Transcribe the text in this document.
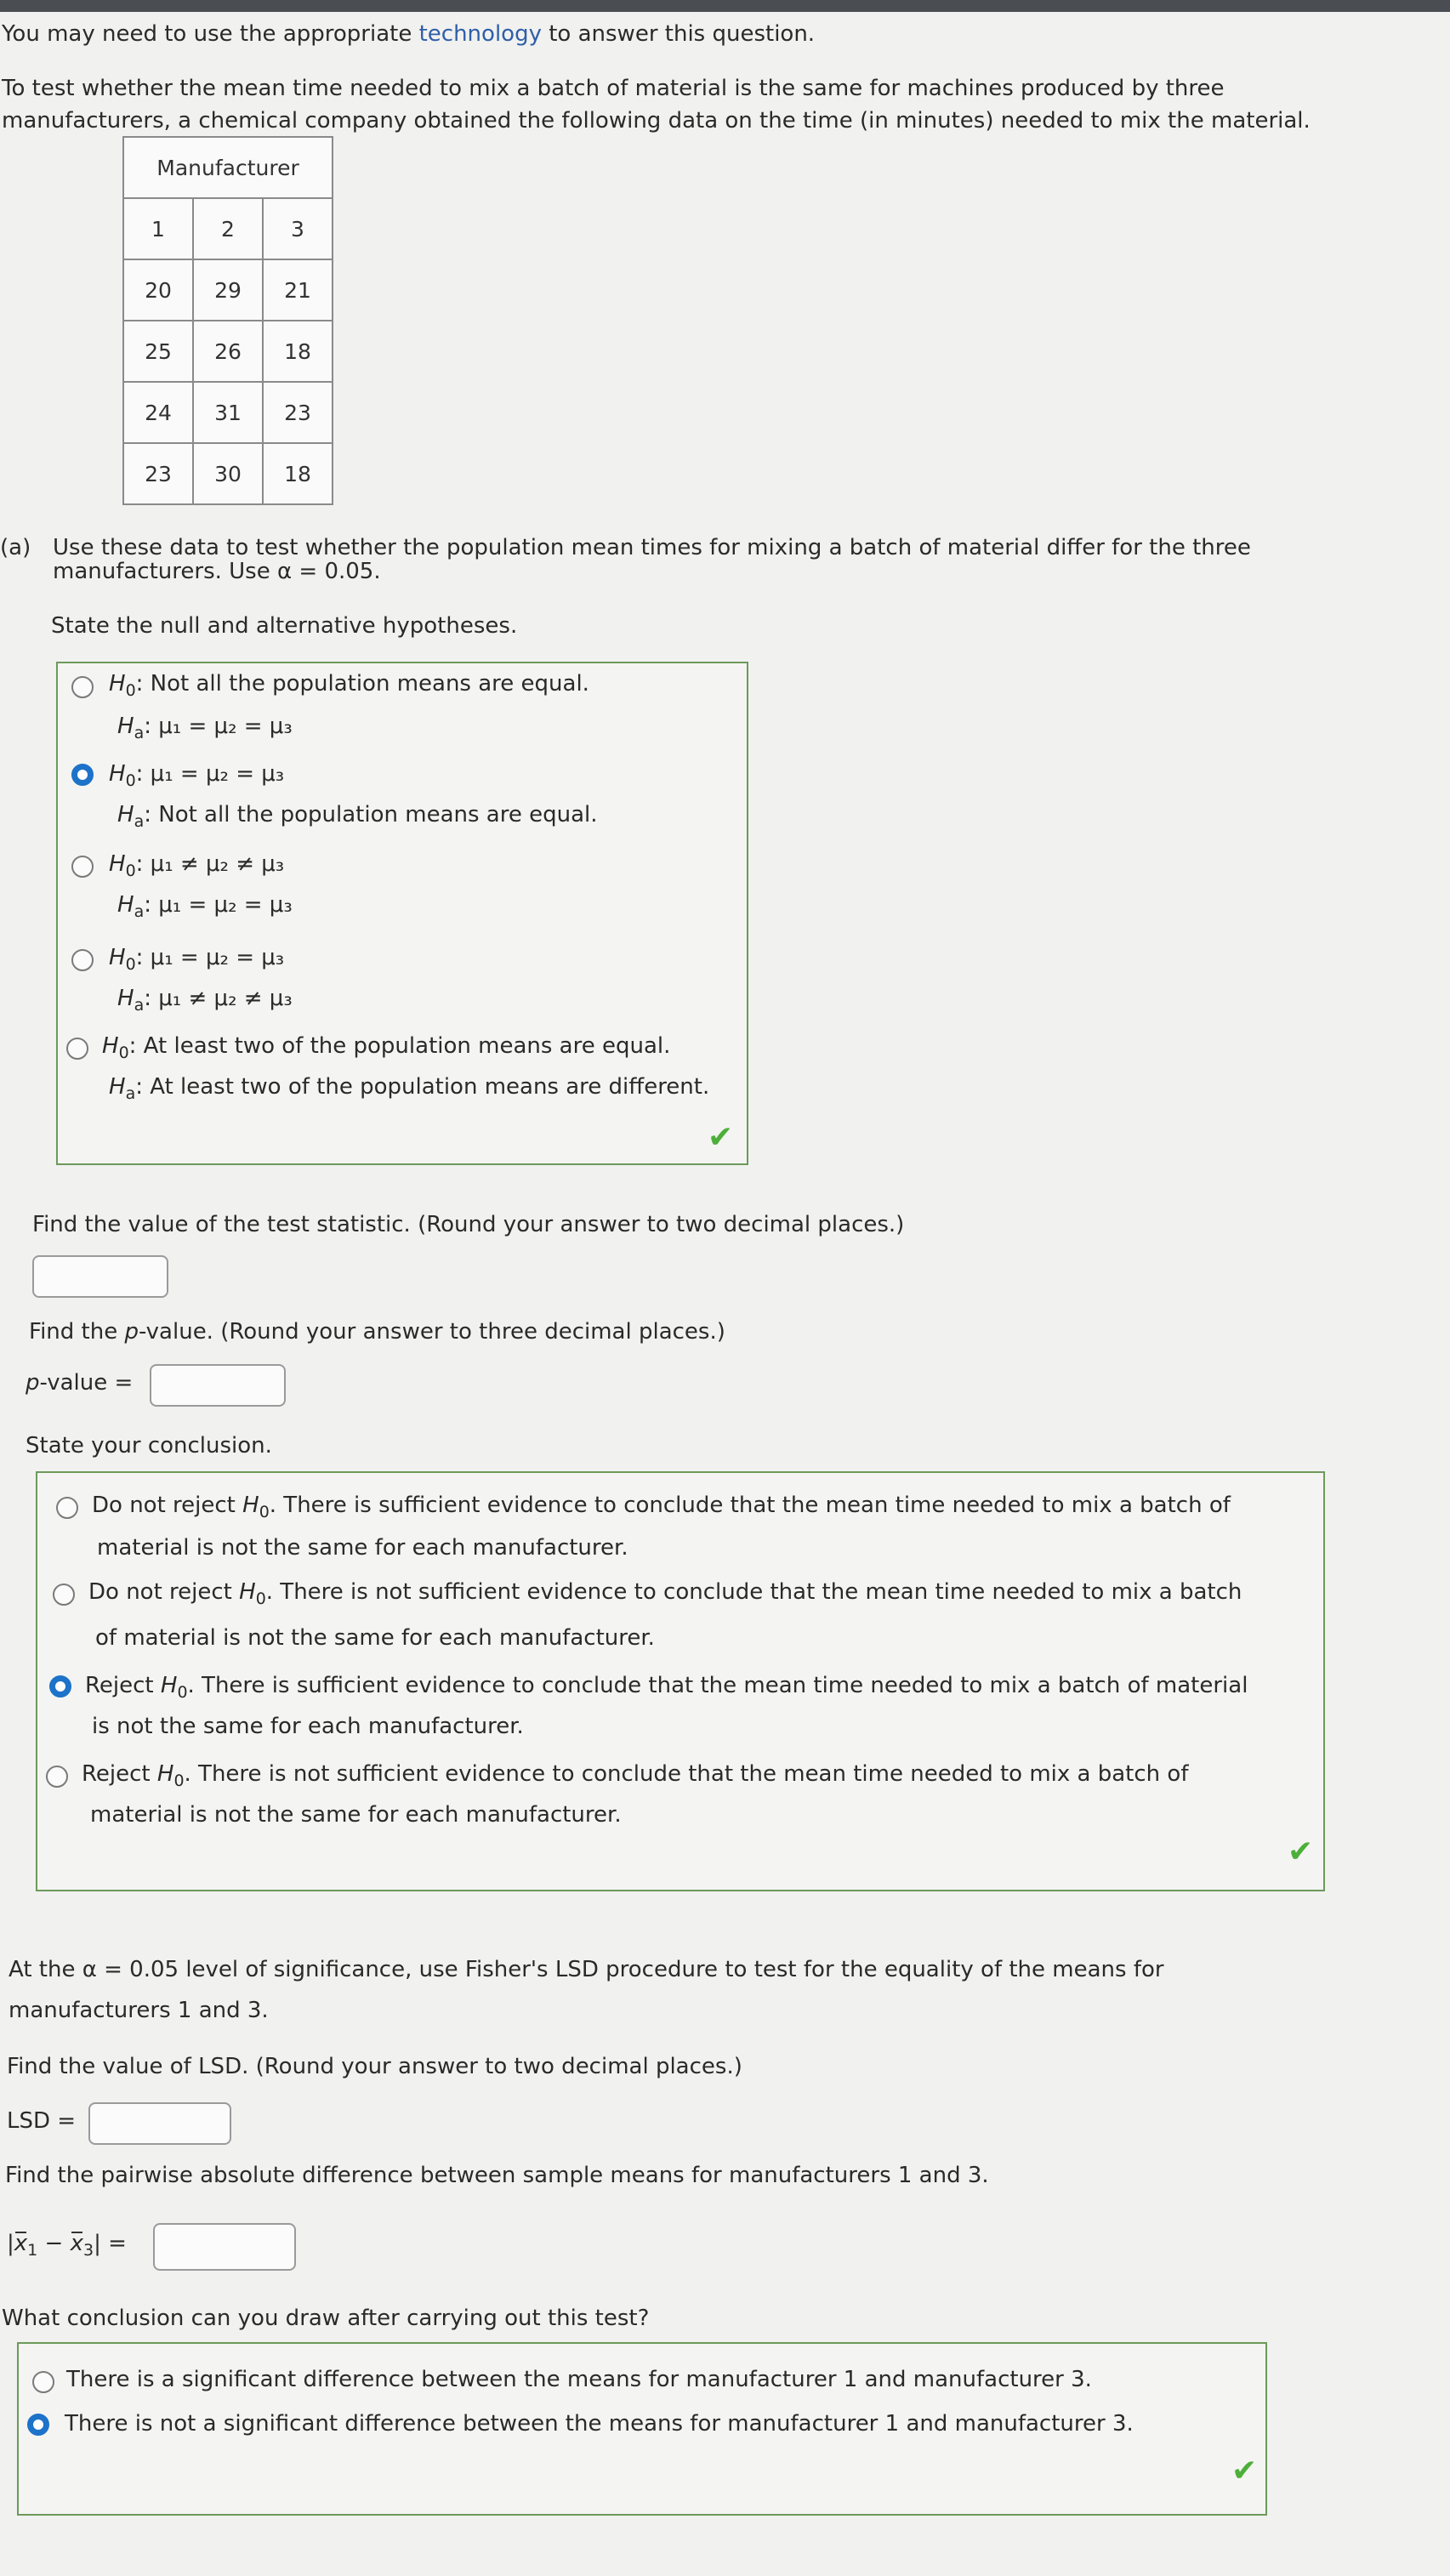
You may need to use the appropriate technology to answer this question.
To test whether the mean time needed to mix a batch of material is the same for machines produced by three
manufacturers, a chemical company obtained the following data on the time (in minutes) needed to mix the material.
Manufacturer		
1	2	3
20	29	21
25	26	18
24	31	23
23	30	18
(a) Use these data to test whether the population mean times for mixing a batch of material differ for the three
manufacturers. Use α = 0.05.
State the null and alternative hypotheses.
$H_0$: Not all the population means are equal.
$H_a$: μ₁ = μ₂ = μ₃
$H_0$: μ₁ = μ₂ = μ₃
$H_a$: Not all the population means are equal.
$H_0$: μ₁ ≠ μ₂ ≠ μ₃
$H_a$: μ₁ = μ₂ = μ₃
$H_0$: μ₁ = μ₂ = μ₃
$H_a$: μ₁ ≠ μ₂ ≠ μ₃
$H_0$: At least two of the population means are equal.
$H_a$: At least two of the population means are different.
✔
Find the value of the test statistic. (Round your answer to two decimal places.)
Find the p-value. (Round your answer to three decimal places.)
p-value =
State your conclusion.
Do not reject $H_0$. There is sufficient evidence to conclude that the mean time needed to mix a batch of
material is not the same for each manufacturer.
Do not reject $H_0$. There is not sufficient evidence to conclude that the mean time needed to mix a batch
of material is not the same for each manufacturer.
Reject $H_0$. There is sufficient evidence to conclude that the mean time needed to mix a batch of material
is not the same for each manufacturer.
Reject $H_0$. There is not sufficient evidence to conclude that the mean time needed to mix a batch of
material is not the same for each manufacturer.
✔
At the α = 0.05 level of significance, use Fisher's LSD procedure to test for the equality of the means for
manufacturers 1 and 3.
Find the value of LSD. (Round your answer to two decimal places.)
LSD =
Find the pairwise absolute difference between sample means for manufacturers 1 and 3.
$|x_1 - x_3|$ =
What conclusion can you draw after carrying out this test?
There is a significant difference between the means for manufacturer 1 and manufacturer 3.
There is not a significant difference between the means for manufacturer 1 and manufacturer 3.
✔
